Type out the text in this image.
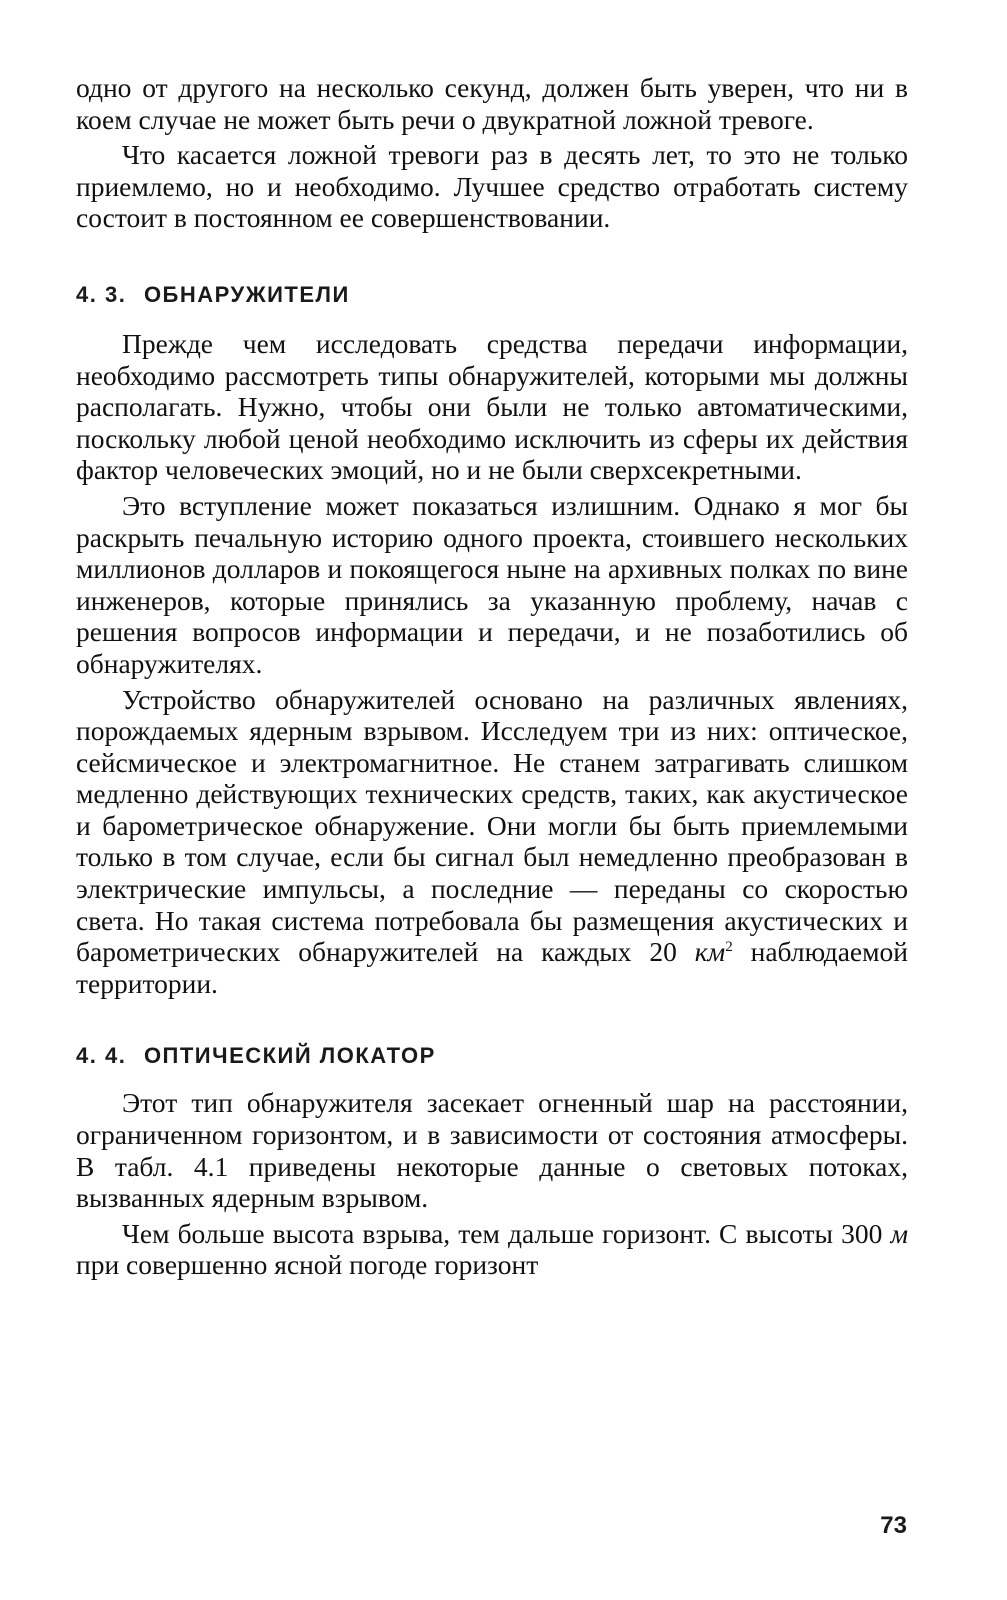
одно от другого на несколько секунд, должен быть уверен, что ни в коем случае не может быть речи о двукратной ложной тревоге.

Что касается ложной тревоги раз в десять лет, то это не только приемлемо, но и необходимо. Лучшее средство отработать систему состоит в постоянном ее совершенствовании.

4. 3. ОБНАРУЖИТЕЛИ

Прежде чем исследовать средства передачи информации, необходимо рассмотреть типы обнаружителей, которыми мы должны располагать. Нужно, чтобы они были не только автоматическими, поскольку любой ценой необходимо исключить из сферы их действия фактор человеческих эмоций, но и не были сверхсекретными.

Это вступление может показаться излишним. Однако я мог бы раскрыть печальную историю одного проекта, стоившего нескольких миллионов долларов и покоящегося ныне на архивных полках по вине инженеров, которые принялись за указанную проблему, начав с решения вопросов информации и передачи, и не позаботились об обнаружителях.

Устройство обнаружителей основано на различных явлениях, порождаемых ядерным взрывом. Исследуем три из них: оптическое, сейсмическое и электромагнитное. Не станем затрагивать слишком медленно действующих технических средств, таких, как акустическое и барометрическое обнаружение. Они могли бы быть приемлемыми только в том случае, если бы сигнал был немедленно преобразован в электрические импульсы, а последние — переданы со скоростью света. Но такая система потребовала бы размещения акустических и барометрических обнаружителей на каждых 20 $км^2$ наблюдаемой территории.

4. 4. ОПТИЧЕСКИЙ ЛОКАТОР

Этот тип обнаружителя засекает огненный шар на расстоянии, ограниченном горизонтом, и в зависимости от состояния атмосферы. В табл. 4.1 приведены некоторые данные о световых потоках, вызванных ядерным взрывом.

Чем больше высота взрыва, тем дальше горизонт. С высоты 300 м при совершенно ясной погоде горизонт

73
